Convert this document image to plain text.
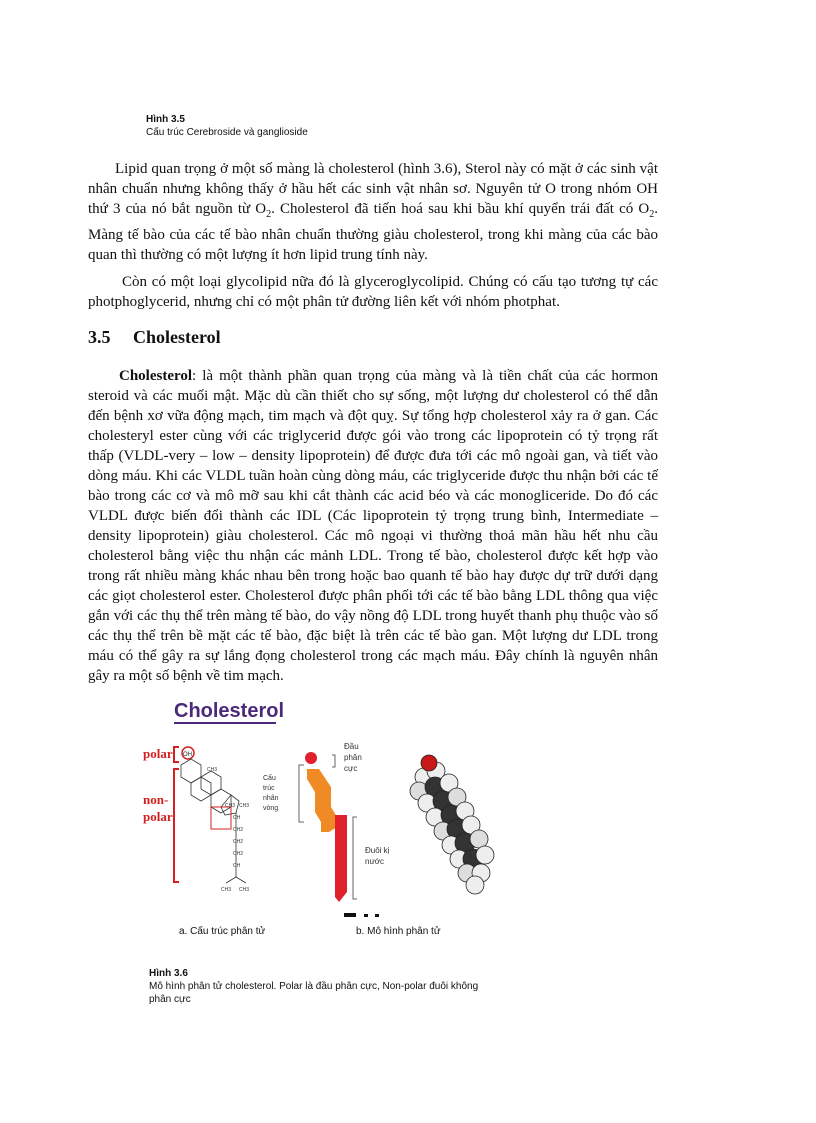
Hình 3.5
Cấu trúc Cerebroside và ganglioside

Lipid quan trọng ở một số màng là cholesterol (hình 3.6), Sterol này có mặt ở các sinh vật nhân chuẩn nhưng không thấy ở hầu hết các sinh vật nhân sơ. Nguyên tử O trong nhóm OH thứ 3 của nó bắt nguồn từ $O_2$. Cholesterol đã tiến hoá sau khi bầu khí quyển trái đất có $O_2$. Màng tế bào của các tế bào nhân chuẩn thường giàu cholesterol, trong khi màng của các bào quan thì thường có một lượng ít hơn lipid trung tính này.

Còn có một loại glycolipid nữa đó là glyceroglycolipid. Chúng có cấu tạo tương tự các photphoglycerid, nhưng chỉ có một phân tử đường liên kết với nhóm photphat.

3.5 Cholesterol

Cholesterol: là một thành phần quan trọng của màng và là tiền chất của các hormon steroid và các muối mật. Mặc dù cần thiết cho sự sống, một lượng dư cholesterol có thể dẫn đến bệnh xơ vữa động mạch, tim mạch và đột quỵ. Sự tổng hợp cholesterol xảy ra ở gan. Các cholesteryl ester cùng với các triglycerid được gói vào trong các lipoprotein có tỷ trọng rất thấp (VLDL-very – low – density lipoprotein) để được đưa tới các mô ngoài gan, và tiết vào dòng máu. Khi các VLDL tuần hoàn cùng dòng máu, các triglyceride được thu nhận bởi các tế bào trong các cơ và mô mỡ sau khi cắt thành các acid béo và các monogliceride. Do đó các VLDL được biến đổi thành các IDL (Các lipoprotein tỷ trọng trung bình, Intermediate – density lipoprotein) giàu cholesterol. Các mô ngoại vi thường thoả mãn hầu hết nhu cầu cholesterol bằng việc thu nhận các mảnh LDL. Trong tế bào, cholesterol được kết hợp vào trong rất nhiều màng khác nhau bên trong hoặc bao quanh tế bào hay được dự trữ dưới dạng các giọt cholesterol ester. Cholesterol được phân phối tới các tế bào bằng LDL thông qua việc gắn với các thụ thể trên màng tế bào, do vậy nồng độ LDL trong huyết thanh phụ thuộc vào số các thụ thể trên bề mặt các tế bào, đặc biệt là trên các tế bào gan. Một lượng dư LDL trong máu có thể gây ra sự lắng đọng cholesterol trong các mạch máu. Đây chính là nguyên nhân gây ra một số bệnh về tim mạch.

Cholesterol
polar
non-
polar
OH
CH3
CH3 CH3
CH
CH2
CH2
CH2
CH
CH3 CH3
Cấu
trúc
nhân
vòng
Đầu
phân
cực
Đuôi kị
nước
a. Cấu trúc phân tử	b. Mô hình phân tử
Hình 3.6
Mô hình phân tử cholesterol. Polar là đầu phân cực, Non-polar đuôi không phân cực
